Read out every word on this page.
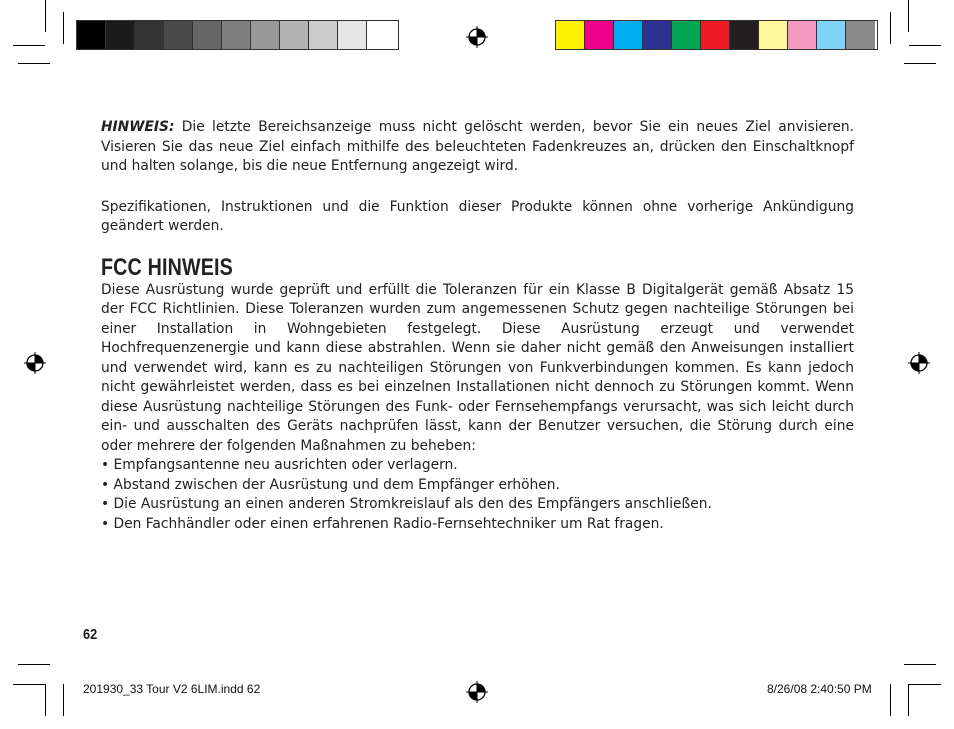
HINWEIS: Die letzte Bereichsanzeige muss nicht gelöscht werden, bevor Sie ein neues Ziel anvisieren. Visieren Sie das neue Ziel einfach mithilfe des beleuchteten Fadenkreuzes an, drücken den Einschaltknopf und halten solange, bis die neue Entfernung angezeigt wird.

Spezifikationen, Instruktionen und die Funktion dieser Produkte können ohne vorherige Ankündigung geändert werden.

FCC HINWEIS

Diese Ausrüstung wurde geprüft und erfüllt die Toleranzen für ein Klasse B Digitalgerät gemäß Absatz 15 der FCC Richtlinien. Diese Toleranzen wurden zum angemessenen Schutz gegen nachteilige Störungen bei einer Installation in Wohngebieten festgelegt. Diese Ausrüstung erzeugt und verwendet Hochfrequenzenergie und kann diese abstrahlen. Wenn sie daher nicht gemäß den Anweisungen installiert und verwendet wird, kann es zu nachteiligen Störungen von Funkverbindungen kommen. Es kann jedoch nicht gewährleistet werden, dass es bei einzelnen Installationen nicht dennoch zu Störungen kommt. Wenn diese Ausrüstung nachteilige Störungen des Funk- oder Fernsehempfangs verursacht, was sich leicht durch ein- und ausschalten des Geräts nachprüfen lässt, kann der Benutzer versuchen, die Störung durch eine oder mehrere der folgenden Maßnahmen zu beheben:

• Empfangsantenne neu ausrichten oder verlagern.
• Abstand zwischen der Ausrüstung und dem Empfänger erhöhen.
• Die Ausrüstung an einen anderen Stromkreislauf als den des Empfängers anschließen.
• Den Fachhändler oder einen erfahrenen Radio-Fernsehtechniker um Rat fragen.
62
201930_33 Tour V2 6LIM.indd 62	8/26/08 2:40:50 PM
